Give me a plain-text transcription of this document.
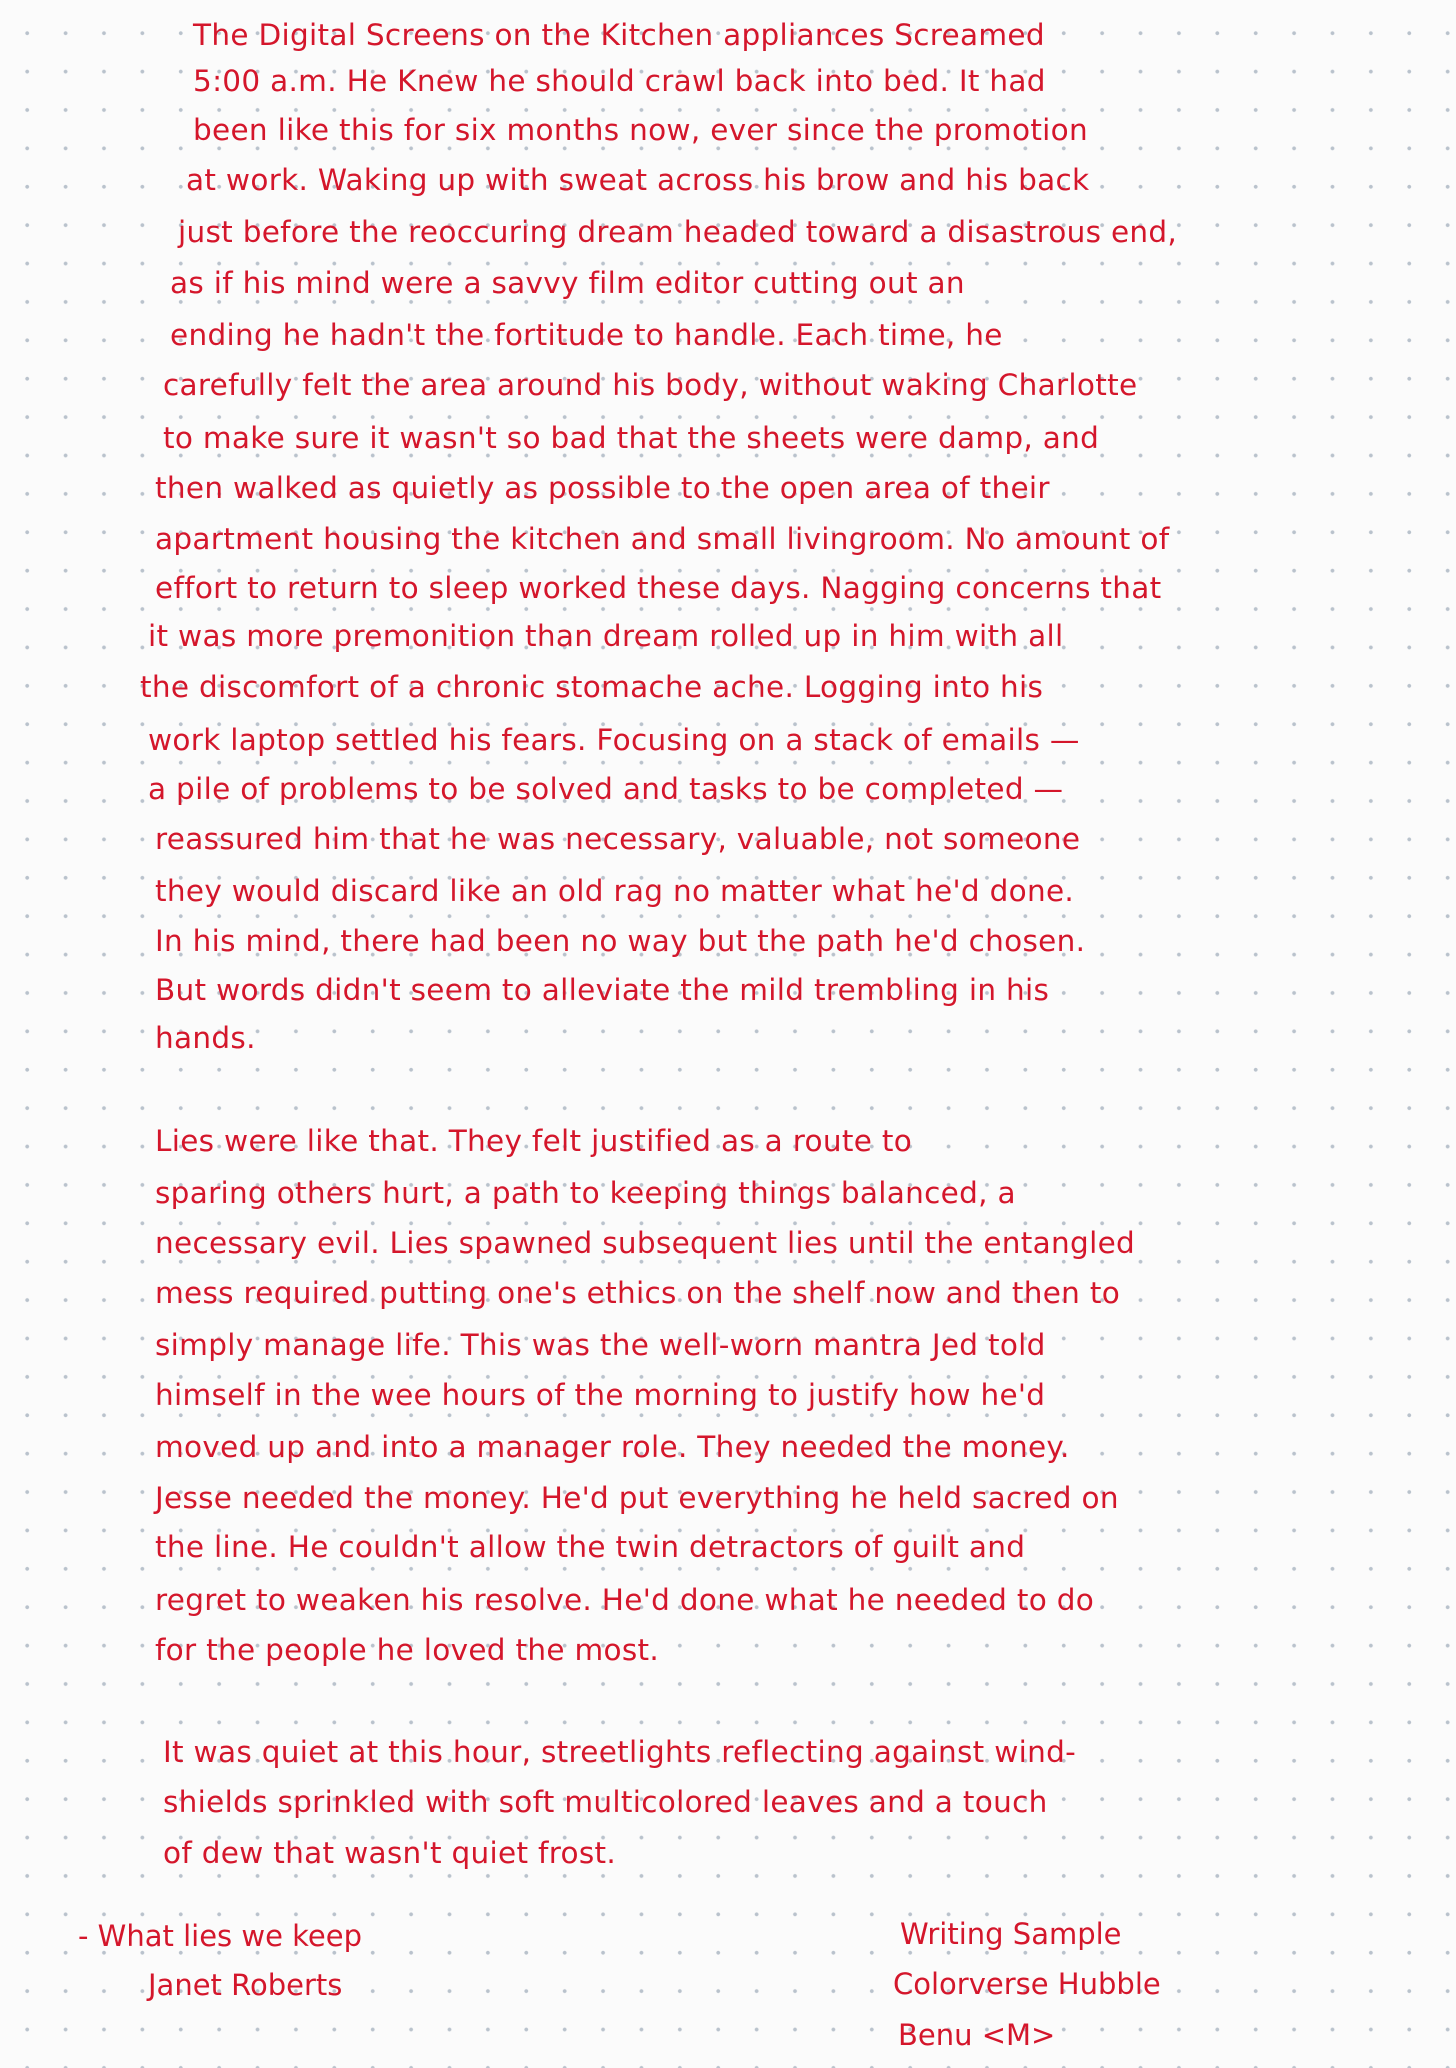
The Digital Screens on the Kitchen appliances Screamed
5:00 a.m. He Knew he should crawl back into bed. It had
been like this for six months now, ever since the promotion
at work. Waking up with sweat across his brow and his back
just before the reoccuring dream headed toward a disastrous end,
as if his mind were a savvy film editor cutting out an
ending he hadn't the fortitude to handle. Each time, he
carefully felt the area around his body, without waking Charlotte
to make sure it wasn't so bad that the sheets were damp, and
then walked as quietly as possible to the open area of their
apartment housing the kitchen and small livingroom. No amount of
effort to return to sleep worked these days. Nagging concerns that
it was more premonition than dream rolled up in him with all
the discomfort of a chronic stomache ache. Logging into his
work laptop settled his fears. Focusing on a stack of emails —
a pile of problems to be solved and tasks to be completed —
reassured him that he was necessary, valuable, not someone
they would discard like an old rag no matter what he'd done.
In his mind, there had been no way but the path he'd chosen.
But words didn't seem to alleviate the mild trembling in his
hands.
Lies were like that. They felt justified as a route to
sparing others hurt, a path to keeping things balanced, a
necessary evil. Lies spawned subsequent lies until the entangled
mess required putting one's ethics on the shelf now and then to
simply manage life. This was the well-worn mantra Jed told
himself in the wee hours of the morning to justify how he'd
moved up and into a manager role. They needed the money.
Jesse needed the money. He'd put everything he held sacred on
the line. He couldn't allow the twin detractors of guilt and
regret to weaken his resolve. He'd done what he needed to do
for the people he loved the most.
It was quiet at this hour, streetlights reflecting against wind-
shields sprinkled with soft multicolored leaves and a touch
of dew that wasn't quiet frost.
- What lies we keep
Janet Roberts
Writing Sample
Colorverse Hubble
Benu <M>
